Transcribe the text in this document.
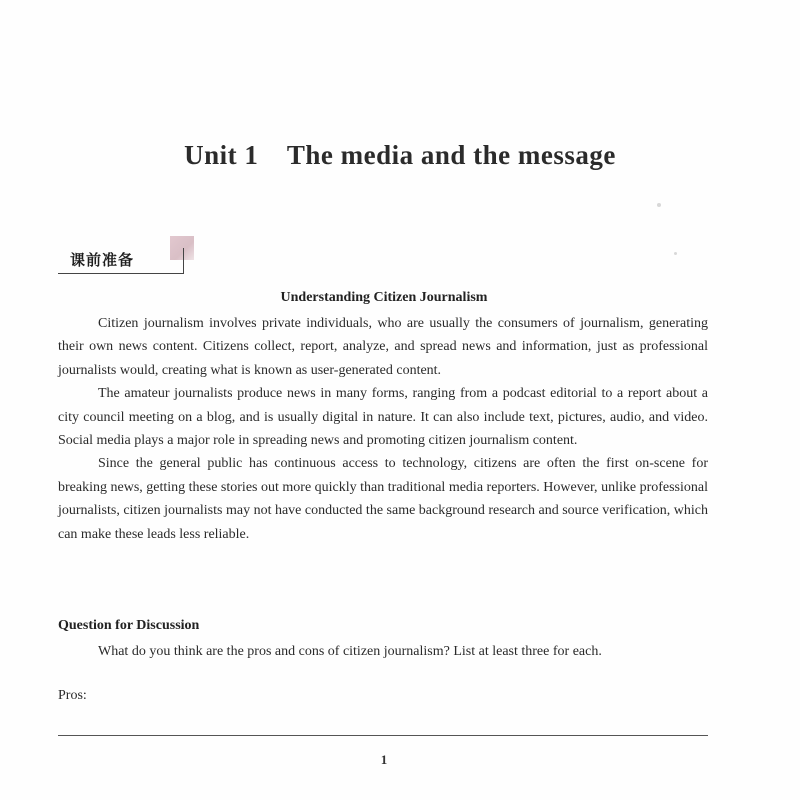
Unit 1    The media and the message
课前准备
Understanding Citizen Journalism

Citizen journalism involves private individuals, who are usually the consumers of journalism, generating their own news content. Citizens collect, report, analyze, and spread news and information, just as professional journalists would, creating what is known as user-generated content.

The amateur journalists produce news in many forms, ranging from a podcast editorial to a report about a city council meeting on a blog, and is usually digital in nature. It can also include text, pictures, audio, and video. Social media plays a major role in spreading news and promoting citizen journalism content.

Since the general public has continuous access to technology, citizens are often the first on-scene for breaking news, getting these stories out more quickly than traditional media reporters. However, unlike professional journalists, citizen journalists may not have conducted the same background research and source verification, which can make these leads less reliable.

Question for Discussion
What do you think are the pros and cons of citizen journalism? List at least three for each.
Pros:
1
